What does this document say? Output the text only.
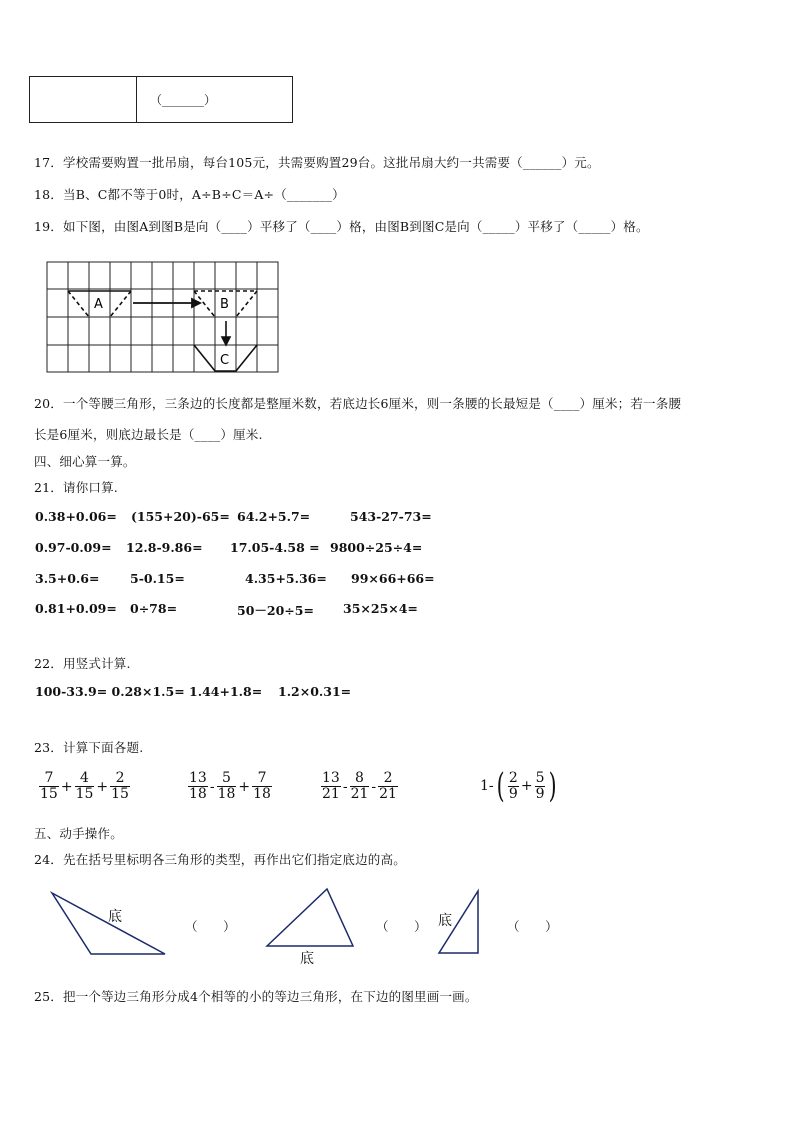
（_______）
17．学校需要购置一批吊扇，每台105元，共需要购置29台。这批吊扇大约一共需要（______）元。
18．当B、C都不等于0时，A÷B÷C＝A÷（_______）
19．如下图，由图A到图B是向（____）平移了（____）格，由图B到图C是向（_____）平移了（_____）格。
A	B
C
20．一个等腰三角形，三条边的长度都是整厘米数，若底边长6厘米，则一条腰的长最短是（____）厘米；若一条腰
长是6厘米，则底边最长是（____）厘米.
四、细心算一算。
21．请你口算.
0.38+0.06= (155+20)-65= 64.2+5.7=	543-27-73=
0.97-0.09= 12.8-9.86= 17.05-4.58 = 9800÷25÷4=
3.5+0.6= 5-0.15=	4.35+5.36= 99×66+66=
0.81+0.09= 0÷78=	50－20÷5= 35×25×4=
22．用竖式计算.
100-33.9= 0.28×1.5= 1.44+1.8= 1.2×0.31=
23．计算下面各题.
7
$15 + \frac{4}{15} + \frac{2}{15}$	13
18 -
5
$18 + \frac{7}{18}$	13
21 -
8
21 -
2
21	1- ( 2
$9 + \frac{5}{9}$ )
五、动手操作。
24．先在括号里标明各三角形的类型，再作出它们指定底边的高。
底
（　　）
底
（　　） 底	（　　）
25．把一个等边三角形分成4个相等的小的等边三角形，在下边的图里画一画。
